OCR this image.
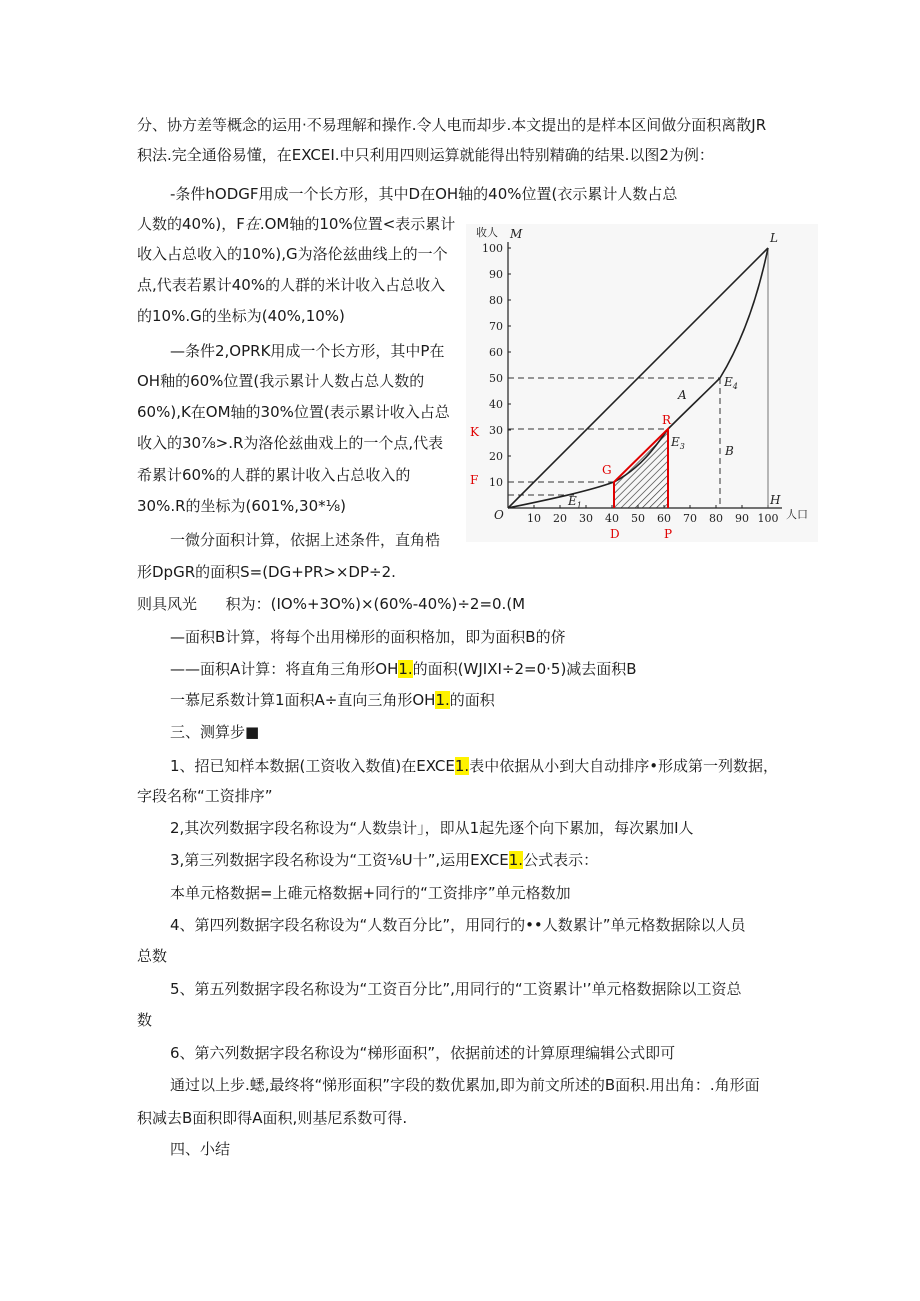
分、协方差等概念的运用·不易理解和操作.令人电而却步.本文提出的是样本区间做分面积离散JR
积法.完全通俗易懂，在EXCEI.中只利用四则运算就能得出特别精确的结果.以图2为例：
-条件hODGF用成一个长方形，其中D在OH轴的40%位置(衣示累计人数占总
人数的40%)，F在.OM轴的10%位置<表示累计
收入占总收入的10%),G为洛伦兹曲线上的一个
点,代表若累计40%的人群的米计收入占总收入
的10%.G的坐标为(40%,10%)
—条件2,OPRK用成一个长方形，其中P在
OH釉的60%位置(我示累计人数占总人数的
60%),K在OM轴的30%位置(表示累计收入占总
收入的30⅞>.R为洛伦兹曲戏上的一个点,代表
希累计60%的人群的累计收入占总收入的
30%.R的坐标为(601%,30*⅛)
一微分面积计算，依据上述条件，直角梏
形DpGR的面积S=(DG+PR>×DP÷2.
则具风光      积为：(IO%+3O%)×(60%-40%)÷2=0.(M
—面积B计算，将每个出用梯形的面积格加，即为面积B的侪
——面积A计算：将直角三角形OH1.的面积(WJIXI÷2=0·5)减去面积B
一慕尼系数计算1面积A÷直向三角形OH1.的面积
三、测算步■
1、招已知样本数据(工资收入数值)在EXCE1.表中依据从小到大自动排序•形成第一列数据，
字段名称“工资排序”
2,其次列数据字段名称设为“人数祟计」，即从1起先逐个向下累加，每次累加I人
3,第三列数据字段名称设为“工资⅛U十”,运用EXCE1.公式表示：
本单元格数据=上碓元格数据+同行的“工资排序”单元格数加
4、第四列数据字段名称设为“人数百分比”，用同行的••人数累计”单元格数据除以人员
总数
5、第五列数据字段名称设为“工资百分比”,用同行的“工资累计'’单元格数据除以工资总
数
6、第六列数据字段名称设为“梯形面积”，依据前述的计算原理编辑公式即可
通过以上步.蟋,最终将“悌形面积”字段的数优累加,即为前文所述的B面积.用出角：.角形面
积减去B面积即得A面积,则基尼系数可得.
四、小结
10
20
30
40
50
60
70
80
90
100
10 20 30 40 50 60 70 80 90 100
M	L
H
O
$E_1$
$E_3$
$E_4$
A
B
G
R
K
F
D	P
收人
人口
